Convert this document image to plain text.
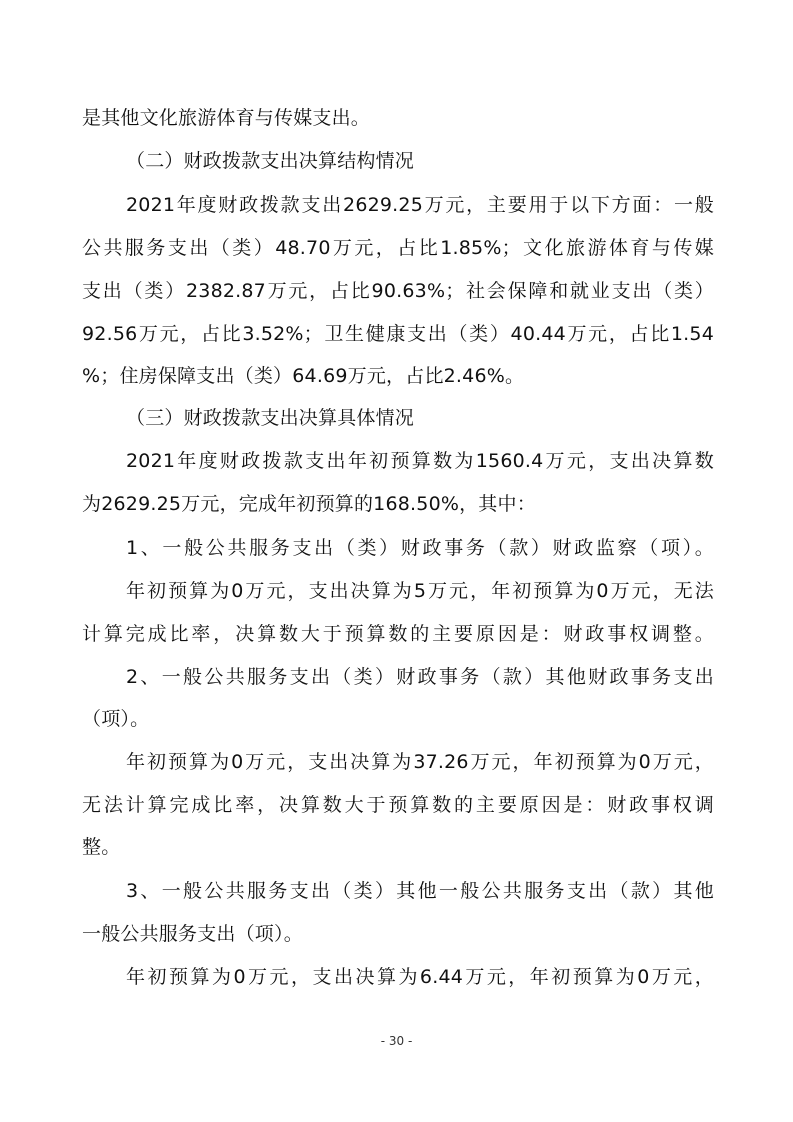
是其他文化旅游体育与传媒支出。
（二）财政拨款支出决算结构情况
2021年度财政拨款支出2629.25万元，主要用于以下方面：一般
公共服务支出（类）48.70万元，占比1.85%；文化旅游体育与传媒
支出（类）2382.87万元，占比90.63%；社会保障和就业支出（类）
92.56万元，占比3.52%；卫生健康支出（类）40.44万元，占比1.54
%；住房保障支出（类）64.69万元，占比2.46%。
（三）财政拨款支出决算具体情况
2021年度财政拨款支出年初预算数为1560.4万元，支出决算数
为2629.25万元，完成年初预算的168.50%，其中：
1、一般公共服务支出（类）财政事务（款）财政监察（项）。
年初预算为0万元，支出决算为5万元，年初预算为0万元，无法
计算完成比率，决算数大于预算数的主要原因是：财政事权调整。
2、一般公共服务支出（类）财政事务（款）其他财政事务支出
（项）。
年初预算为0万元，支出决算为37.26万元，年初预算为0万元，
无法计算完成比率，决算数大于预算数的主要原因是：财政事权调
整。
3、一般公共服务支出（类）其他一般公共服务支出（款）其他
一般公共服务支出（项）。
年初预算为0万元，支出决算为6.44万元，年初预算为0万元，
- 30 -
